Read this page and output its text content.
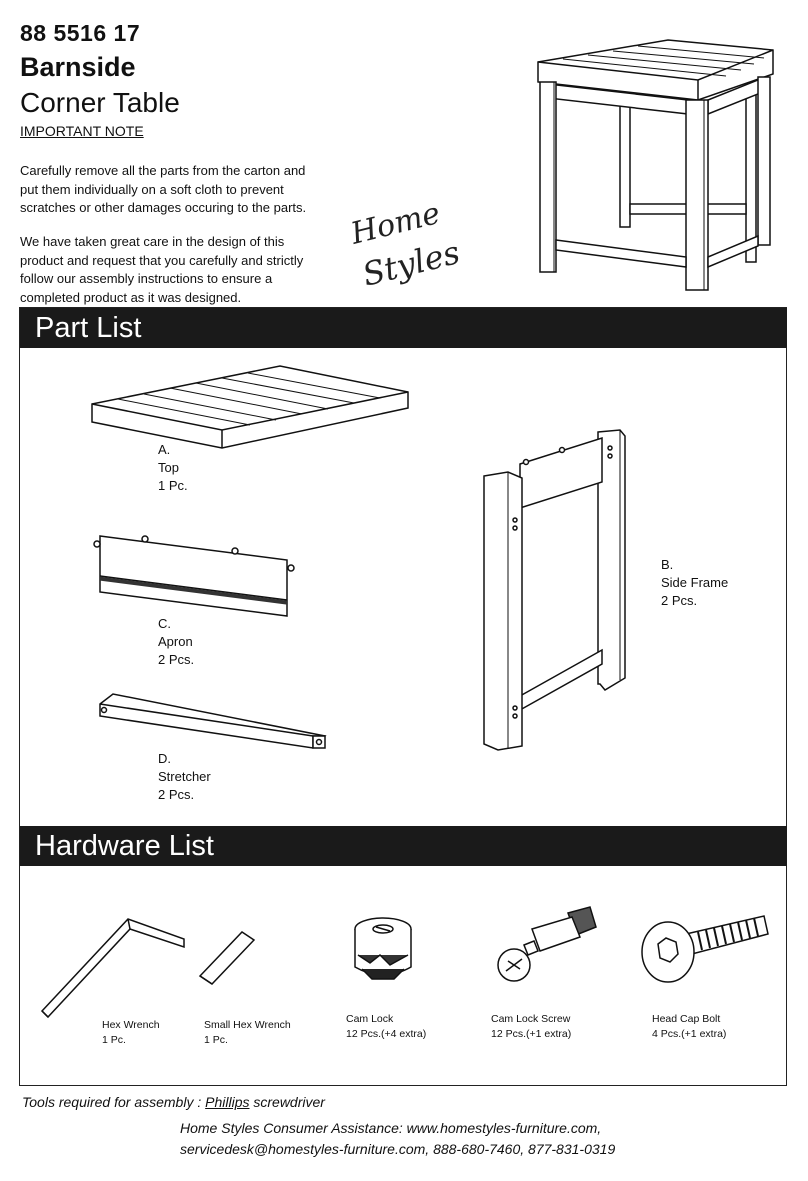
88 5516 17
Barnside
Corner Table
IMPORTANT NOTE

Carefully remove all the parts from the carton and put them individually on a soft cloth to prevent scratches or other damages occuring to the parts.

We have taken great care in the design of this product and request that you carefully and strictly follow our assembly instructions to ensure a completed product as it was designed.

Home
Styles
Part List
Hardware List

A.

Top

1 Pc.

C.

Apron

2 Pcs.

D.

Stretcher

2 Pcs.

B.

Side Frame

2 Pcs.

Hex Wrench

1 Pc.

Small Hex Wrench

1 Pc.

Cam Lock

12 Pcs.(+4 extra)

Cam Lock Screw

12 Pcs.(+1 extra)

Head Cap Bolt

4 Pcs.(+1 extra)

Tools required for assembly : Phillips screwdriver
Home Styles Consumer Assistance: www.homestyles-furniture.com,
servicedesk@homestyles-furniture.com, 888-680-7460, 877-831-0319
